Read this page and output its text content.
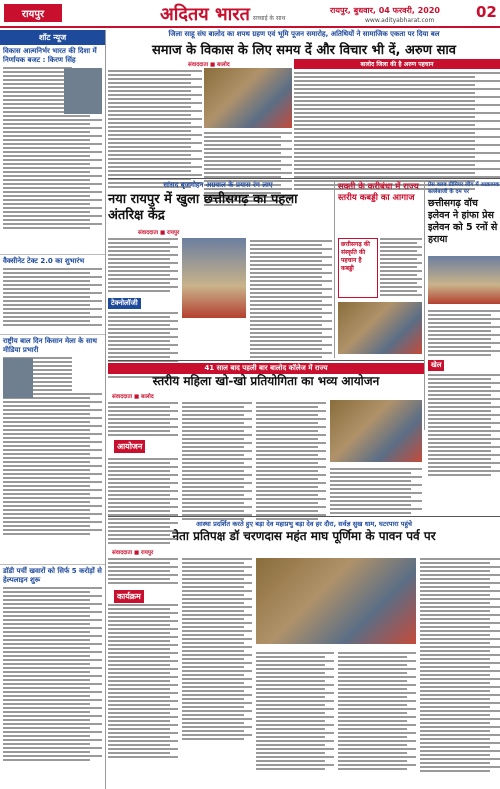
रायपुर	अदितय भारत सच्चाई के साथ
रायपुर, बुधवार, 04 फरवरी, 2020
www.adityabharat.com	02
शॉट न्यूज
विकास आत्मनिर्भर भारत की दिशा में निर्णायक बजट : किरण सिंह
वैक्सीनेट टेक्‍ट 2.0 का शुभारंभ
राष्ट्रीय बाल दिन किसान मेला के साथ मीडिया प्रभारी
डॉडी पर्ची खवारों को सिर्फ 5 करोड़ों से हेल्पलाइन शुरू
जिला साहू संघ बालोद का शपथ ग्रहण एवं भूमि पूजन समारोह, अतिथियों ने सामाजिक एकता पर दिया बल
समाज के विकास के लिए समय दें और विचार भी दें, अरुण साव
संवाददाता ■ बालोद	बालोद जिला की है अरुण पहचान
सांसद बृजमोहन अग्रवाल के प्रयास रंग लाए
नया रायपुर में खुला छत्तीसगढ़ का पहला अंतरिक्ष केंद्र
संवाददाता ■ रायपुर
टेक्नोलॉजी
सक्ती के करीबंधा में राज्य स्तरीय कबड्डी का आगाज
छत्तीसगढ़ की संस्कृति की पहचान है कबड्डी
प्रेस क्लब प्रीमियर लीग में आक्रामक बल्लेबाजी के दम पर
छत्तीसगढ़ वॉच इलेवन ने हांफा प्रेस इलेवन को 5 रनों से हराया
खेल
41 साल बाद पहली बार बालोद कॉलेज में राज्य
स्तरीय महिला खो-खो प्रतियोगिता का भव्य आयोजन
संवाददाता ■ बालोद
आयोजन
आस्था प्रदर्शित करते हुए बड़ा देव महाप्रभु बड़ा देव हर दौरा, सर्वज्ञ सुख धाम, घटरपारा पहुंचे
नेता प्रतिपक्ष डॉ चरणदास महंत माघ पूर्णिमा के पावन पर्व पर
संवाददाता ■ रायपुर
कार्यक्रम
